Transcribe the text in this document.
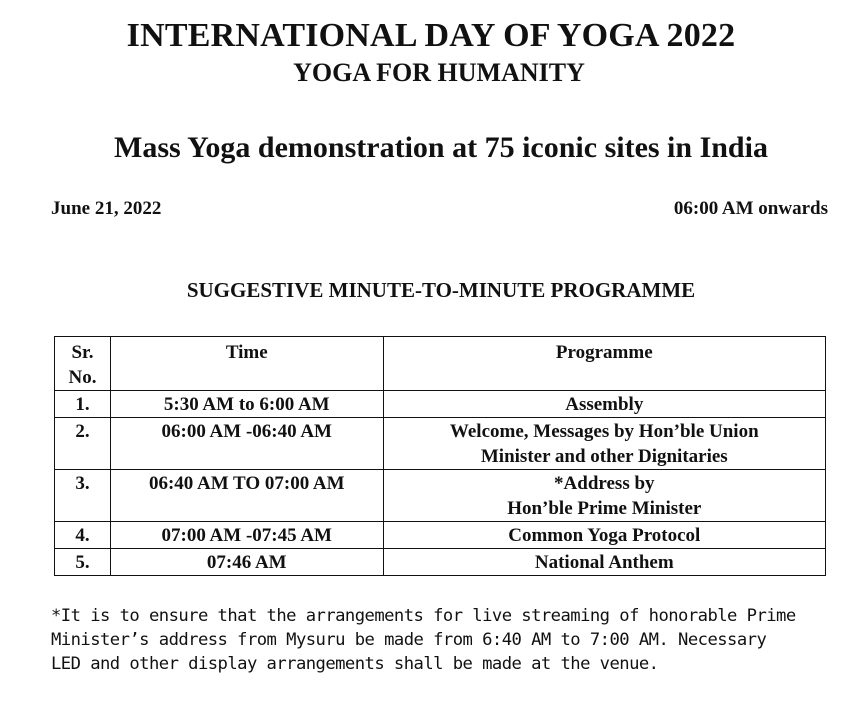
INTERNATIONAL DAY OF YOGA 2022
YOGA FOR HUMANITY
Mass Yoga demonstration at 75 iconic sites in India
June 21, 2022	06:00 AM onwards
SUGGESTIVE MINUTE-TO-MINUTE PROGRAMME
Sr.
No.	Time	Programme
1.	5:30 AM to 6:00 AM	Assembly

2.	06:00 AM -06:40 AM	Welcome, Messages by Hon’ble Union
Minister and other Dignitaries

3.	06:40 AM TO 07:00 AM	*Address by
Hon’ble Prime Minister

4.	07:00 AM -07:45 AM	Common Yoga Protocol

5.	07:46 AM	National Anthem

*It is to ensure that the arrangements for live streaming of honorable Prime
Minister’s address from Mysuru be made from 6:40 AM to 7:00 AM. Necessary
LED and other display arrangements shall be made at the venue.
